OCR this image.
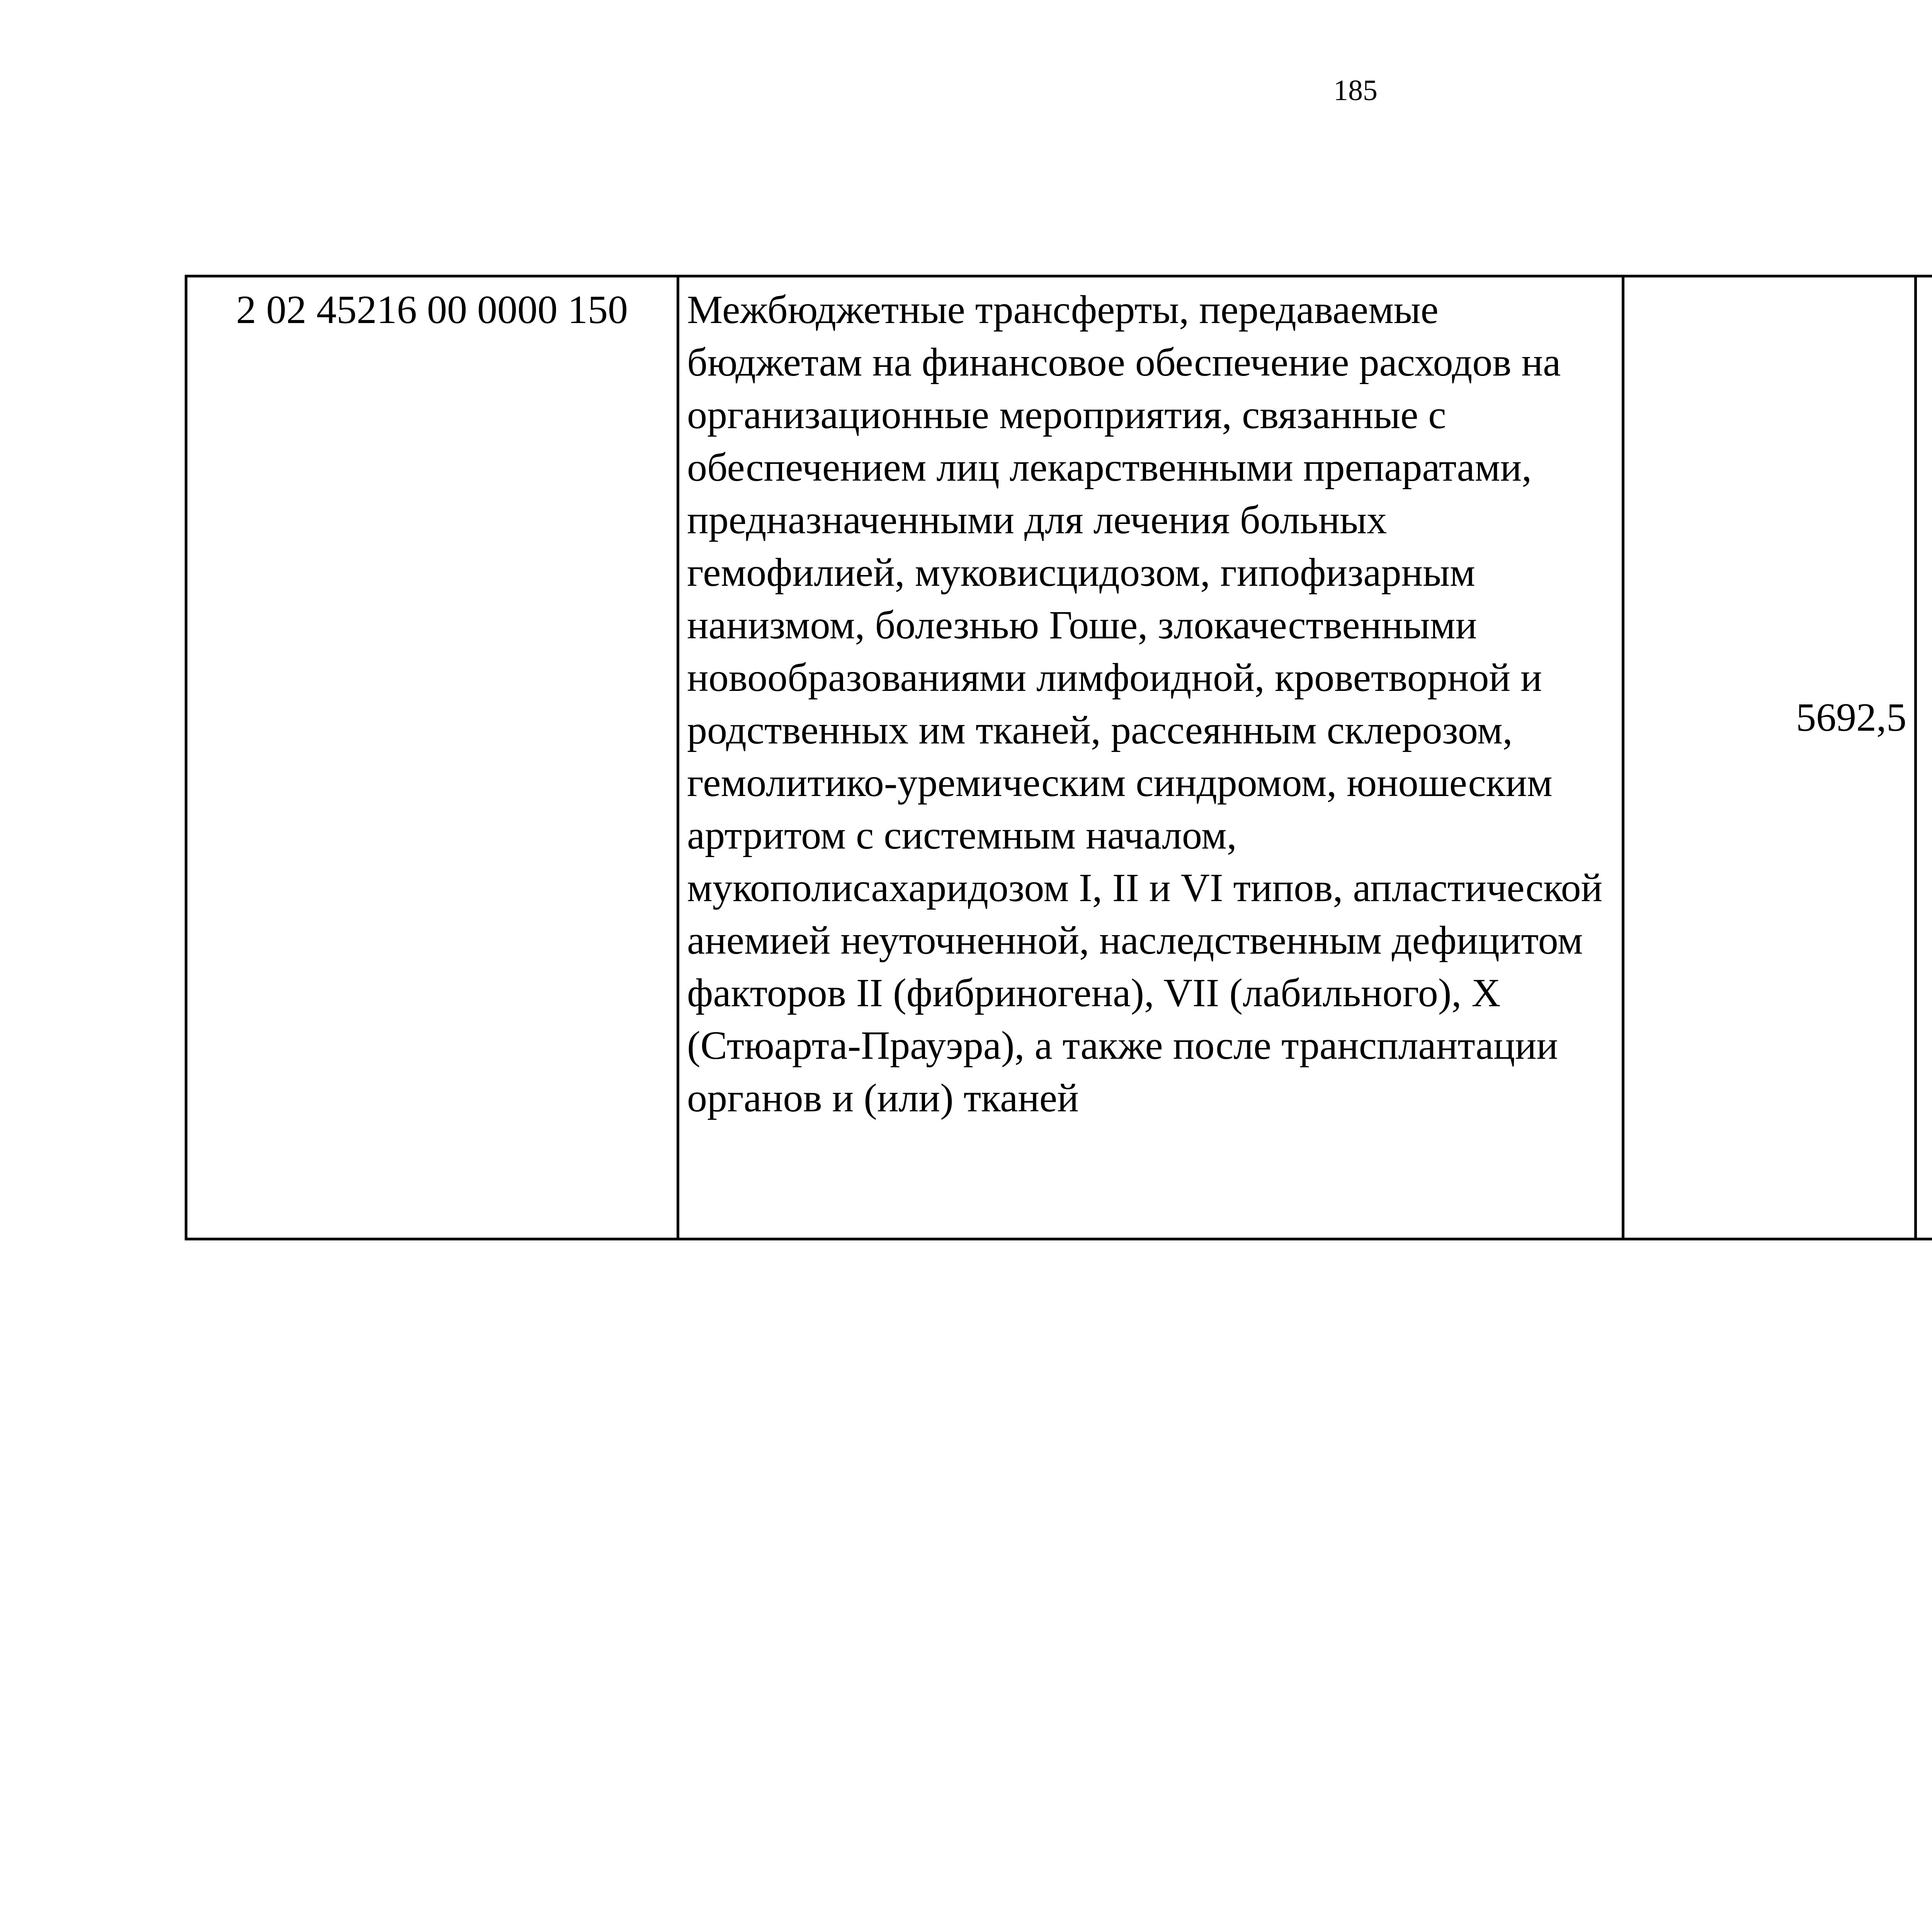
185
2 02 45216 00 0000 150	Межбюджетные трансферты, передаваемые бюджетам на финансовое обеспечение расходов на организационные мероприятия, связанные с обеспечением лиц лекарственными препаратами, предназначенными для лечения больных гемофилией, муковисцидозом, гипофизарным нанизмом, болезнью Гоше, злокачественными новообразованиями лимфоидной, кроветворной и родственных им тканей, рассеянным склерозом, гемолитико-уремическим синдромом, юношеским артритом с системным началом, мукополисахаридозом I, II и VI типов, апластической анемией неуточненной, наследственным дефицитом факторов II (фибриногена), VII (лабильного), X (Стюарта-Прауэра), а также после трансплантации органов и (или) тканей	5692,5		
